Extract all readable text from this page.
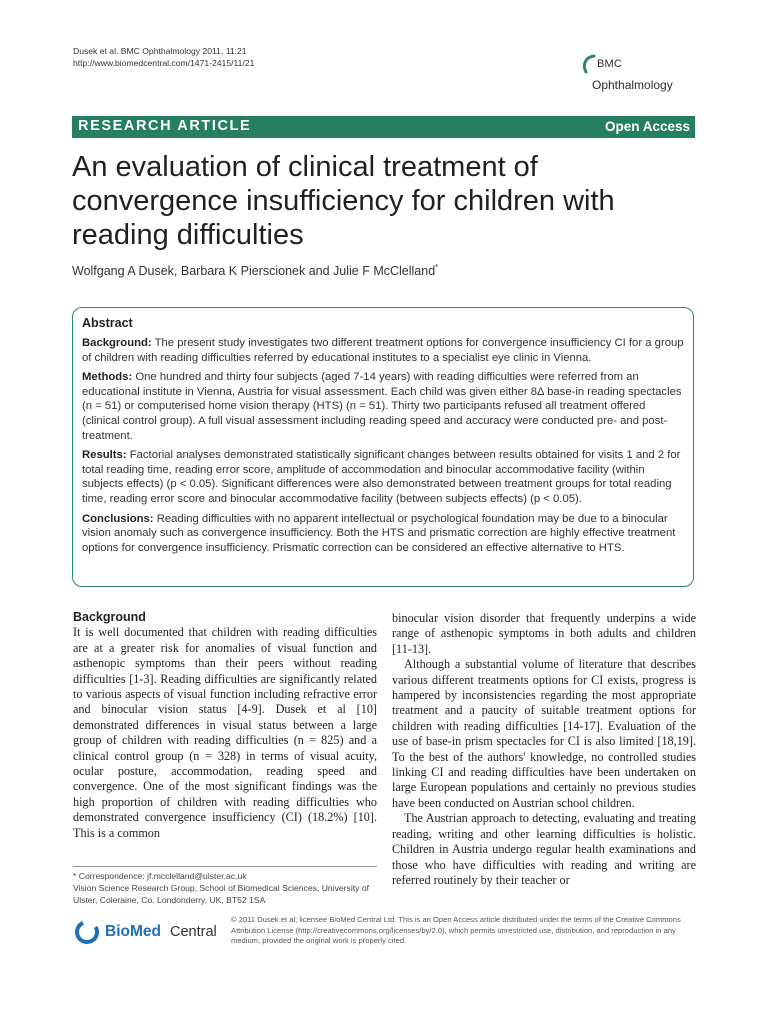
Dusek et al. BMC Ophthalmology 2011, 11:21
http://www.biomedcentral.com/1471-2415/11/21	BMC
Ophthalmology
RESEARCH ARTICLE	Open Access
An evaluation of clinical treatment of convergence insufficiency for children with reading difficulties
Wolfgang A Dusek, Barbara K Pierscionek and Julie F McClelland*
Abstract

Background: The present study investigates two different treatment options for convergence insufficiency CI for a group of children with reading difficulties referred by educational institutes to a specialist eye clinic in Vienna.

Methods: One hundred and thirty four subjects (aged 7-14 years) with reading difficulties were referred from an educational institute in Vienna, Austria for visual assessment. Each child was given either 8Δ base-in reading spectacles (n = 51) or computerised home vision therapy (HTS) (n = 51). Thirty two participants refused all treatment offered (clinical control group). A full visual assessment including reading speed and accuracy were conducted pre- and post-treatment.

Results: Factorial analyses demonstrated statistically significant changes between results obtained for visits 1 and 2 for total reading time, reading error score, amplitude of accommodation and binocular accommodative facility (within subjects effects) (p < 0.05). Significant differences were also demonstrated between treatment groups for total reading time, reading error score and binocular accommodative facility (between subjects effects) (p < 0.05).

Conclusions: Reading difficulties with no apparent intellectual or psychological foundation may be due to a binocular vision anomaly such as convergence insufficiency. Both the HTS and prismatic correction are highly effective treatment options for convergence insufficiency. Prismatic correction can be considered an effective alternative to HTS.

Background

It is well documented that children with reading difficulties are at a greater risk for anomalies of visual function and asthenopic symptoms than their peers without reading difficulties [1-3]. Reading difficulties are significantly related to various aspects of visual function including refractive error and binocular vision status [4-9]. Dusek et al [10] demonstrated differences in visual status between a large group of children with reading difficulties (n = 825) and a clinical control group (n = 328) in terms of visual acuity, ocular posture, accommodation, reading speed and convergence. One of the most significant findings was the high proportion of children with reading difficulties who demonstrated convergence insufficiency (CI) (18.2%) [10]. This is a common

binocular vision disorder that frequently underpins a wide range of asthenopic symptoms in both adults and children [11-13].

Although a substantial volume of literature that describes various different treatments options for CI exists, progress is hampered by inconsistencies regarding the most appropriate treatment and a paucity of suitable treatment options for children with reading difficulties [14-17]. Evaluation of the use of base-in prism spectacles for CI is also limited [18,19]. To the best of the authors' knowledge, no controlled studies linking CI and reading difficulties have been undertaken on large European populations and certainly no previous studies have been conducted on Austrian school children.

The Austrian approach to detecting, evaluating and treating reading, writing and other learning difficulties is holistic. Children in Austria undergo regular health examinations and those who have difficulties with reading and writing are referred routinely by their teacher or

* Correspondence: jf.mcclelland@ulster.ac.uk
Vision Science Research Group, School of Biomedical Sciences, University of Ulster, Coleraine, Co. Londonderry, UK, BT52 1SA
BioMed Central
© 2011 Dusek et al; licensee BioMed Central Ltd. This is an Open Access article distributed under the terms of the Creative Commons Attribution License (http://creativecommons.org/licenses/by/2.0), which permits unrestricted use, distribution, and reproduction in any medium, provided the original work is properly cited.
